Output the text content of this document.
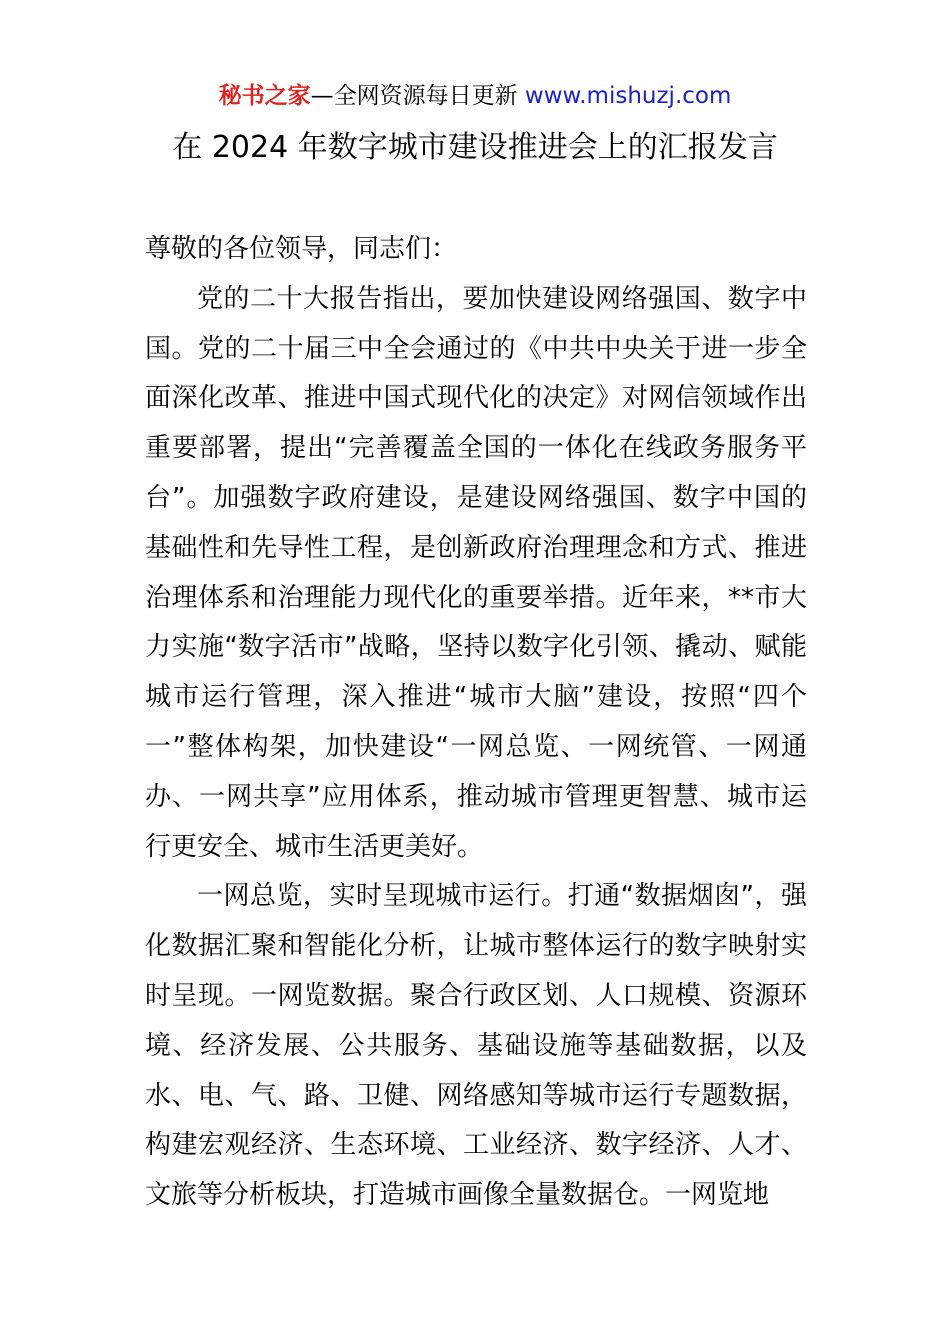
秘书之家—全网资源每日更新 www.mishuzj.com
在 2024 年数字城市建设推进会上的汇报发言

尊敬的各位领导，同志们：

党的二十大报告指出，要加快建设网络强国、数字中国。党的二十届三中全会通过的《中共中央关于进一步全面深化改革、推进中国式现代化的决定》对网信领域作出重要部署，提出“完善覆盖全国的一体化在线政务服务平台”。加强数字政府建设，是建设网络强国、数字中国的基础性和先导性工程，是创新政府治理理念和方式、推进治理体系和治理能力现代化的重要举措。近年来，**市大力实施“数字活市”战略，坚持以数字化引领、撬动、赋能城市运行管理，深入推进“城市大脑”建设，按照“四个一”整体构架，加快建设“一网总览、一网统管、一网通办、一网共享”应用体系，推动城市管理更智慧、城市运行更安全、城市生活更美好。

一网总览，实时呈现城市运行。打通“数据烟囱”，强化数据汇聚和智能化分析，让城市整体运行的数字映射实时呈现。一网览数据。聚合行政区划、人口规模、资源环境、经济发展、公共服务、基础设施等基础数据，以及水、电、气、路、卫健、网络感知等城市运行专题数据，构建宏观经济、生态环境、工业经济、数字经济、人才、文旅等分析板块，打造城市画像全量数据仓。一网览地
